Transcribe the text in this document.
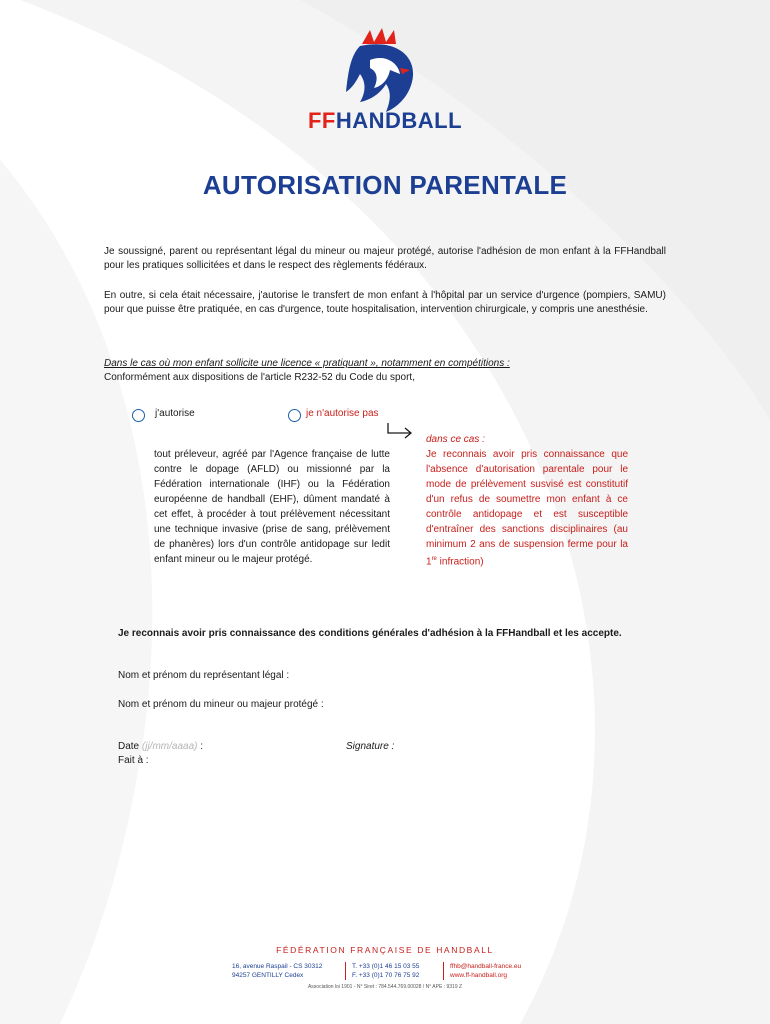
FFHANDBALL
AUTORISATION PARENTALE
Je soussigné, parent ou représentant légal du mineur ou majeur protégé, autorise l'adhésion de mon enfant à la FFHandball pour les pratiques sollicitées et dans le respect des règlements fédéraux.
En outre, si cela était nécessaire, j'autorise le transfert de mon enfant à l'hôpital par un service d'urgence (pompiers, SAMU) pour que puisse être pratiquée, en cas d'urgence, toute hospitalisation, intervention chirurgicale, y compris une anesthésie.
Dans le cas où mon enfant sollicite une licence « pratiquant », notamment en compétitions :
Conformément aux dispositions de l'article R232-52 du Code du sport,
j'autorise	je n'autorise pas
tout préleveur, agréé par l'Agence française de lutte contre le dopage (AFLD) ou missionné par la Fédération internationale (IHF) ou la Fédération européenne de handball (EHF), dûment mandaté à cet effet, à procéder à tout prélèvement nécessitant une technique invasive (prise de sang, prélèvement de phanères) lors d'un contrôle antidopage sur ledit enfant mineur ou le majeur protégé.
dans ce cas :
Je reconnais avoir pris connaissance que l'absence d'autorisation parentale pour le mode de prélèvement susvisé est constitutif d'un refus de soumettre mon enfant à ce contrôle antidopage et est susceptible d'entraîner des sanctions disciplinaires (au minimum 2 ans de suspension ferme pour la 1re infraction)
Je reconnais avoir pris connaissance des conditions générales d'adhésion à la FFHandball et les accepte.
Nom et prénom du représentant légal :
Nom et prénom du mineur ou majeur protégé :
Date (jj/mm/aaaa) :
Fait à :
Signature :
FÉDÉRATION FRANÇAISE DE HANDBALL
16, avenue Raspail - CS 30312
94257 GENTILLY Cedex
T. +33 (0)1 46 15 03 55
F. +33 (0)1 70 76 75 92
ffhb@handball-france.eu
www.ff-handball.org
Association loi 1901 - N° Siret : 784.544.769.00028 / N° APE : 9319 Z
